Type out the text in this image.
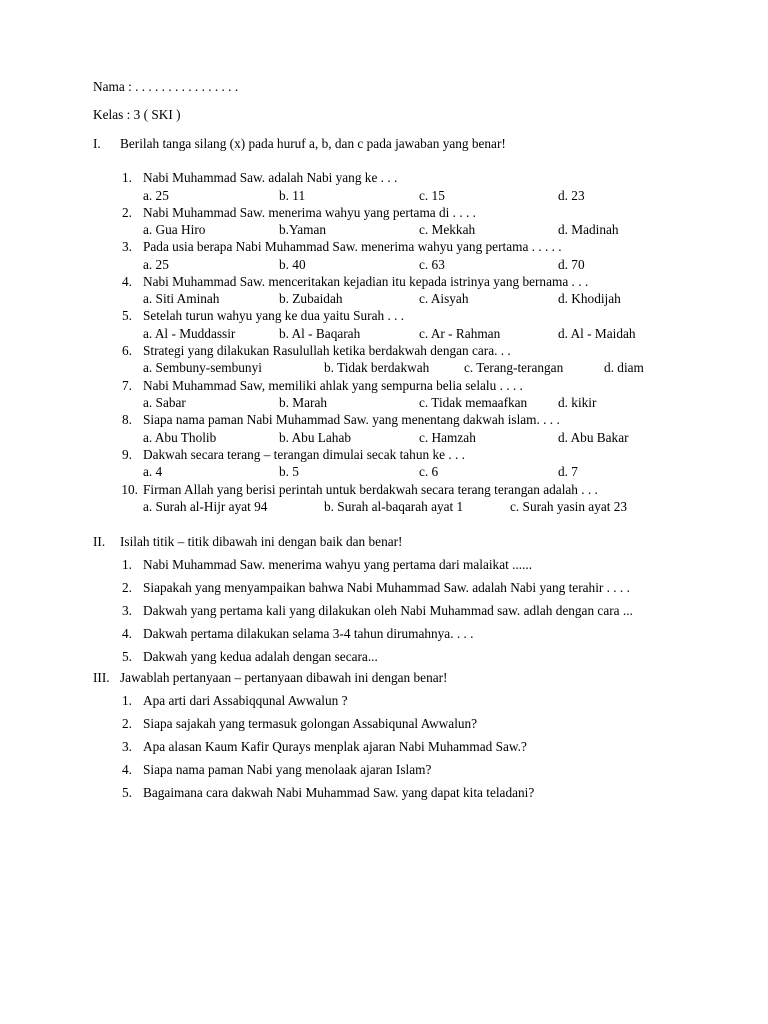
Nama : . . . . . . . . . . . . . . . .
Kelas : 3 ( SKI )
I. Berilah tanga silang (x) pada huruf a, b, dan c pada jawaban yang benar!
1. Nabi Muhammad Saw. adalah Nabi yang ke . . .
a. 25	b. 11	c. 15	d. 23
2. Nabi Muhammad Saw. menerima wahyu yang pertama di . . . .
a. Gua Hiro	b.Yaman	c. Mekkah	d. Madinah
3. Pada usia berapa Nabi Muhammad Saw. menerima wahyu yang pertama . . . . .
a. 25	b. 40	c. 63	d. 70
4. Nabi Muhammad Saw. menceritakan kejadian itu kepada istrinya yang bernama . . .
a. Siti Aminah	b. Zubaidah	c. Aisyah	d. Khodijah
5. Setelah turun wahyu yang ke dua yaitu Surah . . .
a. Al - Muddassir	b. Al - Baqarah	c. Ar - Rahman	d. Al - Maidah
6. Strategi yang dilakukan Rasulullah ketika berdakwah dengan cara. . .
a. Sembuny-sembunyi	b. Tidak berdakwah	c. Terang-terangan	d. diam
7. Nabi Muhammad Saw, memiliki ahlak yang sempurna belia selalu . . . .
a. Sabar	b. Marah	c. Tidak memaafkan d. kikir
8. Siapa nama paman Nabi Muhammad Saw. yang menentang dakwah islam. . . .
a. Abu Tholib	b. Abu Lahab	c. Hamzah	d. Abu Bakar
9. Dakwah secara terang – terangan dimulai secak tahun ke . . .
a. 4	b. 5	c. 6	d. 7
10. Firman Allah yang berisi perintah untuk berdakwah secara terang terangan adalah . . .
a. Surah al-Hijr ayat 94	b. Surah al-baqarah ayat 1	c. Surah yasin ayat 23
II. Isilah titik – titik dibawah ini dengan baik dan benar!
1. Nabi Muhammad Saw. menerima wahyu yang pertama dari malaikat ......
2. Siapakah yang menyampaikan bahwa Nabi Muhammad Saw. adalah Nabi yang terahir . . . .
3. Dakwah yang pertama kali yang dilakukan oleh Nabi Muhammad saw. adlah dengan cara ...
4. Dakwah pertama dilakukan selama 3-4 tahun dirumahnya. . . .
5. Dakwah yang kedua adalah dengan secara...
III. Jawablah pertanyaan – pertanyaan dibawah ini dengan benar!
1. Apa arti dari Assabiqqunal Awwalun ?
2. Siapa sajakah yang termasuk golongan Assabiqunal Awwalun?
3. Apa alasan Kaum Kafir Qurays menplak ajaran Nabi Muhammad Saw.?
4. Siapa nama paman Nabi yang menolaak ajaran Islam?
5. Bagaimana cara dakwah Nabi Muhammad Saw. yang dapat kita teladani?
